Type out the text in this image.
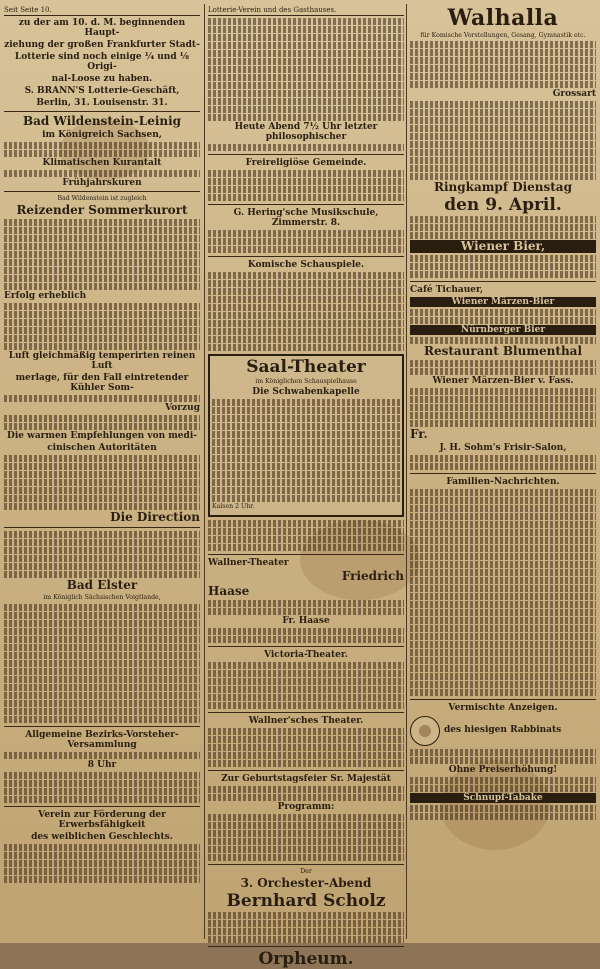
Seit Seite 10.

zu der am 10. d. M. beginnenden Haupt-

ziehung der großen Frankfurter Stadt-

Lotterie sind noch einige ¼ und ⅛ Origi-

nal-Loose zu haben.

S. BRANN'S Lotterie-Geschäft,

Berlin, 31. Louisenstr. 31.

Bad Wildenstein-Leinig

im Königreich Sachsen,

Klimatischen Kurantalt

Frühjahrskuren

Bad Wildenstein ist zugleich

Reizender Sommerkurort

Erfolg erheblich

Luft gleichmäßig temperirten reinen Luft

merlage, für den Fall eintretender Kühler Som-

Vorzug

Die warmen Empfehlungen von medi-

cinischen Autoritäten

Die Direction

Bad Elster

im Königlich Sächsischen Voigtlande,

Allgemeine Bezirks-Vorsteher-Versammlung

8 Uhr

Verein zur Förderung der Erwerbsfähigkeit

des weiblichen Geschlechts.

Lotterie-Verein und des Gasthauses.

Heute Abend 7½ Uhr letzter philosophischer

Freireligiöse Gemeinde.

G. Hering'sche Musikschule, Zimmerstr. 8.

Komische Schauspiele.

Saal-Theater

im Königlichen Schauspielhause

Die Schwabenkapelle

Kalsen 2 Uhr.

Wallner-Theater

Friedrich

Haase

Fr. Haase

Victoria-Theater.

Wallner'sches Theater.

Zur Geburtstagsfeier Sr. Majestät

Programm:

Der

3. Orchester-Abend

Bernhard Scholz

Orpheum.

Walhalla

für Komische Vorstellungen, Gesang, Gymnastik etc.

Grossart

Ringkampf Dienstag

den 9. April.

Wiener Bier,

Café Tichauer,

Wiener Märzen-Bier

Nürnberger Bier

Restaurant Blumenthal

Wiener Märzen-Bier v. Fass.

Fr.

J. H. Sohm's Frisir-Salon,

Familien-Nachrichten.

Vermischte Anzeigen.

des hiesigen Rabbinats

Ohne Preiserhöhung!

Schnupf-Tabake
